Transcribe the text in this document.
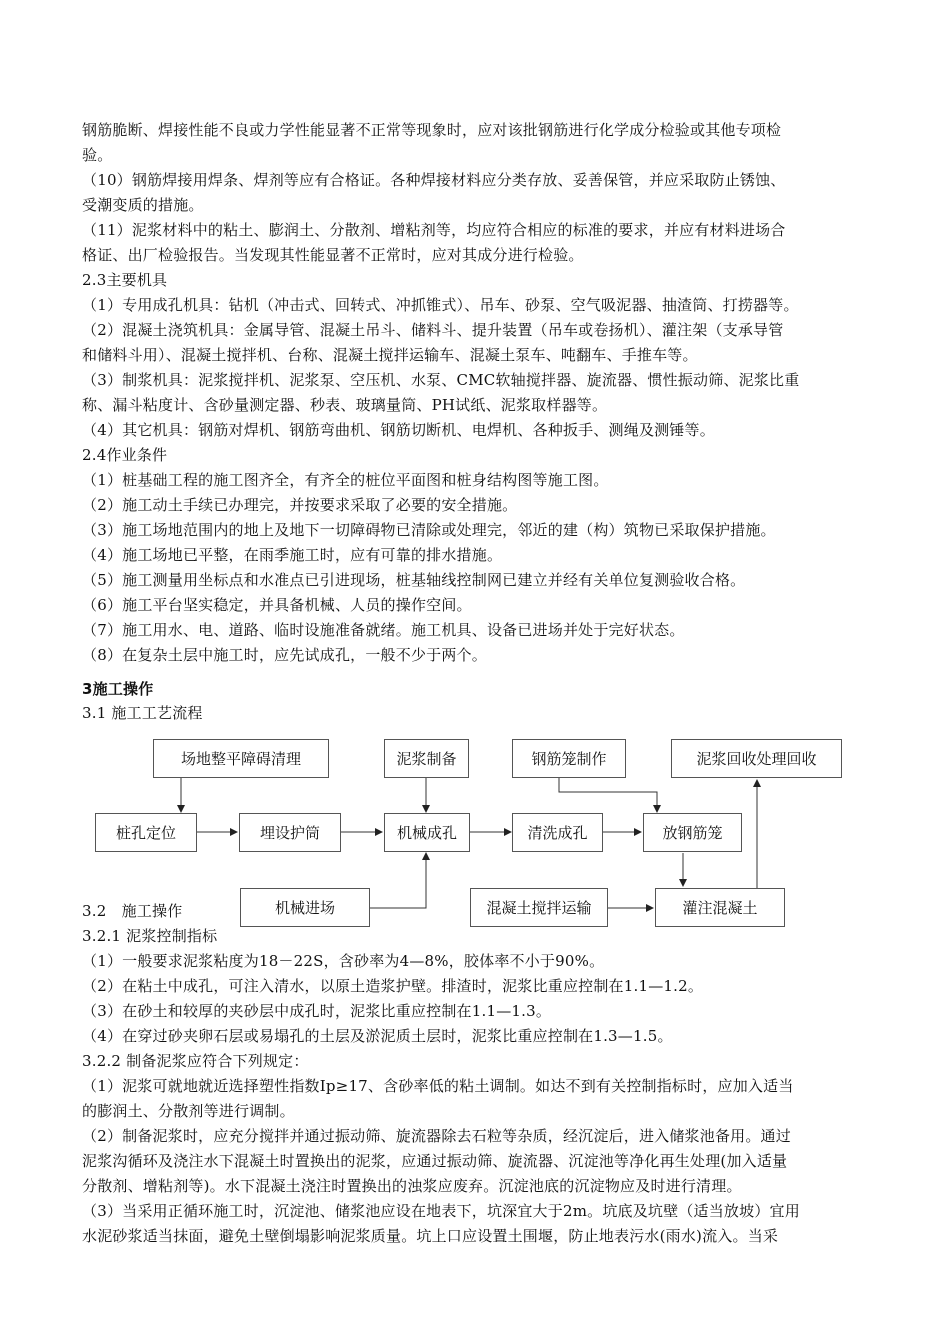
钢筋脆断、焊接性能不良或力学性能显著不正常等现象时，应对该批钢筋进行化学成分检验或其他专项检
验。
（10）钢筋焊接用焊条、焊剂等应有合格证。各种焊接材料应分类存放、妥善保管，并应采取防止锈蚀、
受潮变质的措施。
（11）泥浆材料中的粘土、膨润土、分散剂、增粘剂等，均应符合相应的标准的要求，并应有材料进场合
格证、出厂检验报告。当发现其性能显著不正常时，应对其成分进行检验。
2.3主要机具
（1）专用成孔机具：钻机（冲击式、回转式、冲抓锥式）、吊车、砂泵、空气吸泥器、抽渣筒、打捞器等。
（2）混凝土浇筑机具：金属导管、混凝土吊斗、储料斗、提升装置（吊车或卷扬机）、灌注架（支承导管
和储料斗用）、混凝土搅拌机、台称、混凝土搅拌运输车、混凝土泵车、吨翻车、手推车等。
（3）制浆机具：泥浆搅拌机、泥浆泵、空压机、水泵、CMC软轴搅拌器、旋流器、惯性振动筛、泥浆比重
称、漏斗粘度计、含砂量测定器、秒表、玻璃量筒、PH试纸、泥浆取样器等。
（4）其它机具：钢筋对焊机、钢筋弯曲机、钢筋切断机、电焊机、各种扳手、测绳及测锤等。
2.4作业条件
（1）桩基础工程的施工图齐全，有齐全的桩位平面图和桩身结构图等施工图。
（2）施工动土手续已办理完，并按要求采取了必要的安全措施。
（3）施工场地范围内的地上及地下一切障碍物已清除或处理完，邻近的建（构）筑物已采取保护措施。
（4）施工场地已平整，在雨季施工时，应有可靠的排水措施。
（5）施工测量用坐标点和水准点已引进现场，桩基轴线控制网已建立并经有关单位复测验收合格。
（6）施工平台坚实稳定，并具备机械、人员的操作空间。
（7）施工用水、电、道路、临时设施准备就绪。施工机具、设备已进场并处于完好状态。
（8）在复杂土层中施工时，应先试成孔，一般不少于两个。
3施工操作
3.1 施工工艺流程
场地整平障碍清理	泥浆制备	钢筋笼制作	泥浆回收处理回收
桩孔定位	埋设护筒	机械成孔	清洗成孔	放钢筋笼
机械进场	混凝土搅拌运输	灌注混凝土
3.2　施工操作
3.2.1 泥浆控制指标
（1）一般要求泥浆粘度为18－22S，含砂率为4—8%，胶体率不小于90%。
（2）在粘土中成孔，可注入清水，以原土造浆护壁。排渣时，泥浆比重应控制在1.1—1.2。
（3）在砂土和较厚的夹砂层中成孔时，泥浆比重应控制在1.1—1.3。
（4）在穿过砂夹卵石层或易塌孔的土层及淤泥质土层时，泥浆比重应控制在1.3—1.5。
3.2.2 制备泥浆应符合下列规定：
（1）泥浆可就地就近选择塑性指数Ip≥17、含砂率低的粘土调制。如达不到有关控制指标时，应加入适当
的膨润土、分散剂等进行调制。
（2）制备泥浆时，应充分搅拌并通过振动筛、旋流器除去石粒等杂质，经沉淀后，进入储浆池备用。通过
泥浆沟循环及浇注水下混凝土时置换出的泥浆，应通过振动筛、旋流器、沉淀池等净化再生处理(加入适量
分散剂、增粘剂等)。水下混凝土浇注时置换出的浊浆应废弃。沉淀池底的沉淀物应及时进行清理。
（3）当采用正循环施工时，沉淀池、储浆池应设在地表下，坑深宜大于2m。坑底及坑壁（适当放坡）宜用
水泥砂浆适当抹面，避免土壁倒塌影响泥浆质量。坑上口应设置土围堰，防止地表污水(雨水)流入。当采
